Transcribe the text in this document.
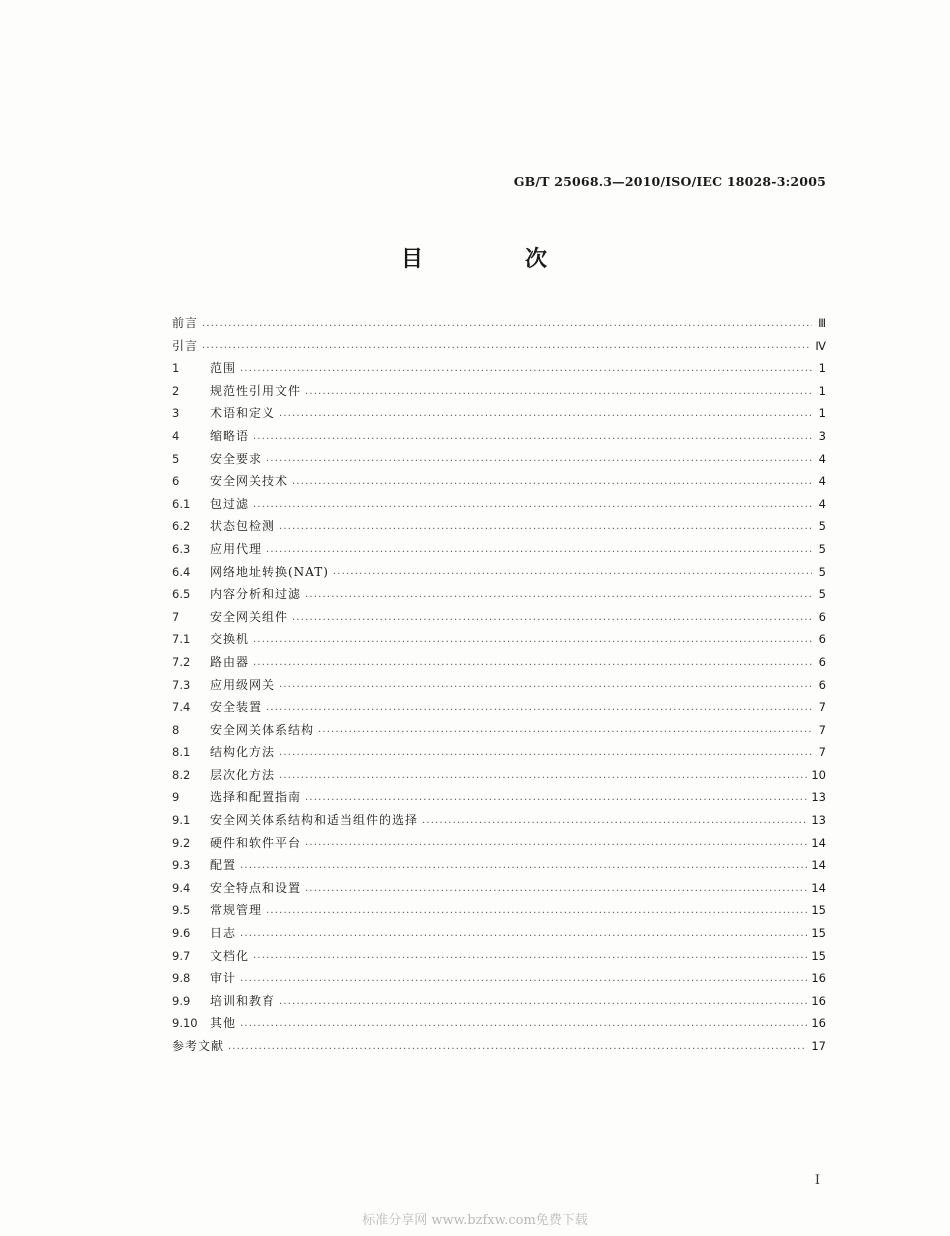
GB/T 25068.3—2010/ISO/IEC 18028-3:2005
目　次
前言 ·····	Ⅲ
引言 ·····	Ⅳ
1	范围 ·····	1
2	规范性引用文件 ·····	1
3	术语和定义 ·····	1
4	缩略语 ·····	3
5	安全要求 ·····	4
6	安全网关技术 ·····	4
6.1	包过滤 ·····	4
6.2	状态包检测 ·····	5
6.3	应用代理 ·····	5
6.4	网络地址转换(NAT) ·····	5
6.5	内容分析和过滤 ·····	5
7	安全网关组件 ·····	6
7.1	交换机 ·····	6
7.2	路由器 ·····	6
7.3	应用级网关 ·····	6
7.4	安全装置 ·····	7
8	安全网关体系结构 ·····	7
8.1	结构化方法 ·····	7
8.2	层次化方法 ·····	10
9	选择和配置指南 ·····	13
9.1	安全网关体系结构和适当组件的选择 ·····	13
9.2	硬件和软件平台 ·····	14
9.3	配置 ·····	14
9.4	安全特点和设置 ·····	14
9.5	常规管理 ·····	15
9.6	日志 ·····	15
9.7	文档化 ·····	15
9.8	审计 ·····	16
9.9	培训和教育 ·····	16
9.10	其他 ·····	16
参考文献 ·····	17
I
标准分享网 www.bzfxw.com免费下载
